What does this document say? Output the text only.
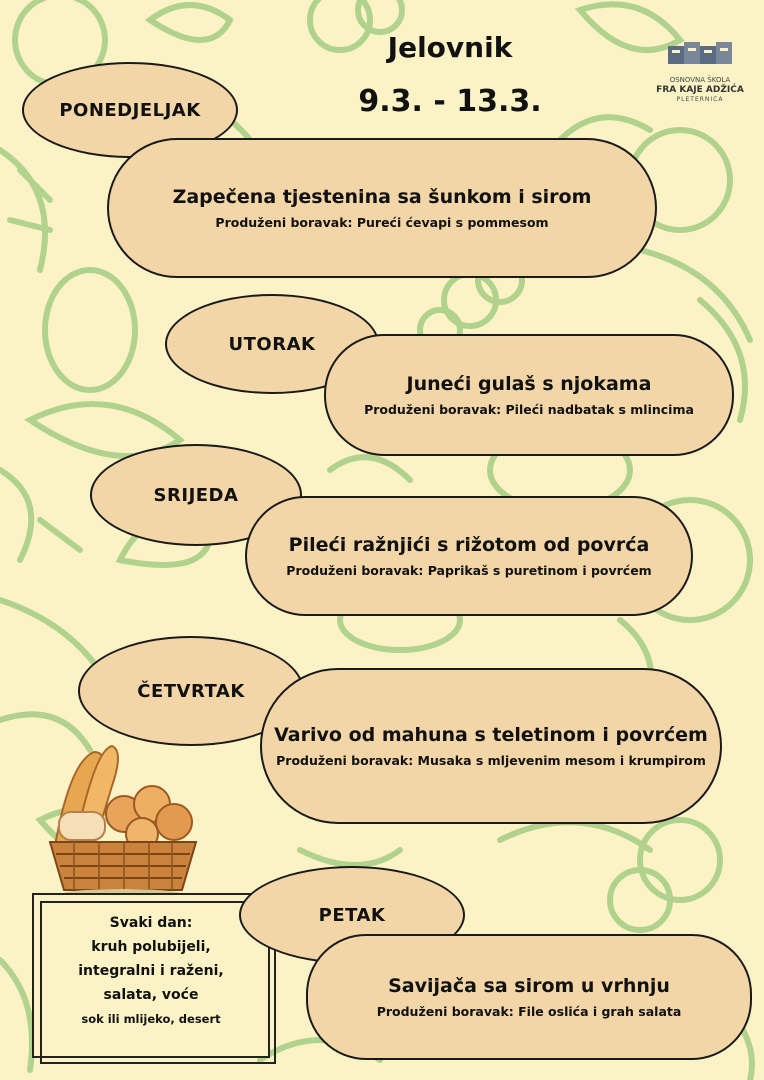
Jelovnik
9.3. - 13.3.
OSNOVNA ŠKOLA
FRA KAJE ADŽIĆA
PLETERNICA
PONEDJELJAK
Zapečena tjestenina sa šunkom i sirom
Produženi boravak: Pureći ćevapi s pommesom
UTORAK
Juneći gulaš s njokama
Produženi boravak: Pileći nadbatak s mlincima
SRIJEDA
Pileći ražnjići s rižotom od povrća
Produženi boravak: Paprikaš s puretinom i povrćem
ČETVRTAK
Varivo od mahuna s teletinom i povrćem
Produženi boravak: Musaka s mljevenim mesom i krumpirom
Svaki dan:
kruh polubijeli,
integralni i raženi,
salata, voće
sok ili mlijeko, desert
PETAK
Savijača sa sirom u vrhnju
Produženi boravak: File oslića i grah salata
